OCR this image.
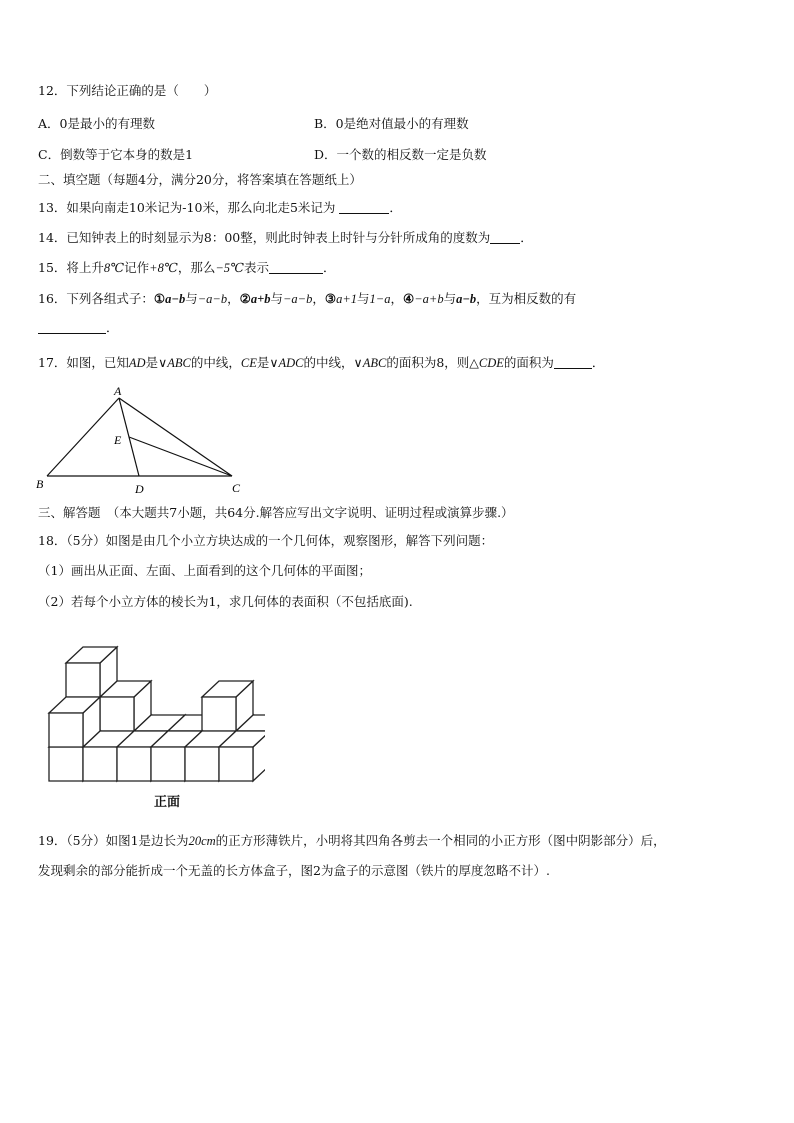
12．下列结论正确的是（　　）
A．0是最小的有理数	B．0是绝对值最小的有理数
C．倒数等于它本身的数是1	D．一个数的相反数一定是负数
二、填空题（每题4分，满分20分，将答案填在答题纸上）
13．如果向南走10米记为-10米，那么向北走5米记为	．
14．已知钟表上的时刻显示为8：00整，则此时钟表上时针与分针所成角的度数为 ．
15．将上升8℃记作+8℃，那么−5℃表示	．
16．下列各组式子：①a−b与−a−b，②a+b与−a−b，③a+1与1−a，④−a+b与a−b，互为相反数的有
．
17．如图，已知AD是∨ABC的中线，CE是∨ADC的中线，∨ABC的面积为8，则△CDE的面积为	．
A
B	C
D
E
三、解答题　（本大题共7小题，共64分.解答应写出文字说明、证明过程或演算步骤.）
18．（5分）如图是由几个小立方块达成的一个几何体，观察图形，解答下列问题：
（1）画出从正面、左面、上面看到的这个几何体的平面图；
（2）若每个小立方体的棱长为1，求几何体的表面积（不包括底面).
正面
19．（5分）如图1是边长为20cm的正方形薄铁片，小明将其四角各剪去一个相同的小正方形（图中阴影部分）后，
发现剩余的部分能折成一个无盖的长方体盒子，图2为盒子的示意图（铁片的厚度忽略不计）.
